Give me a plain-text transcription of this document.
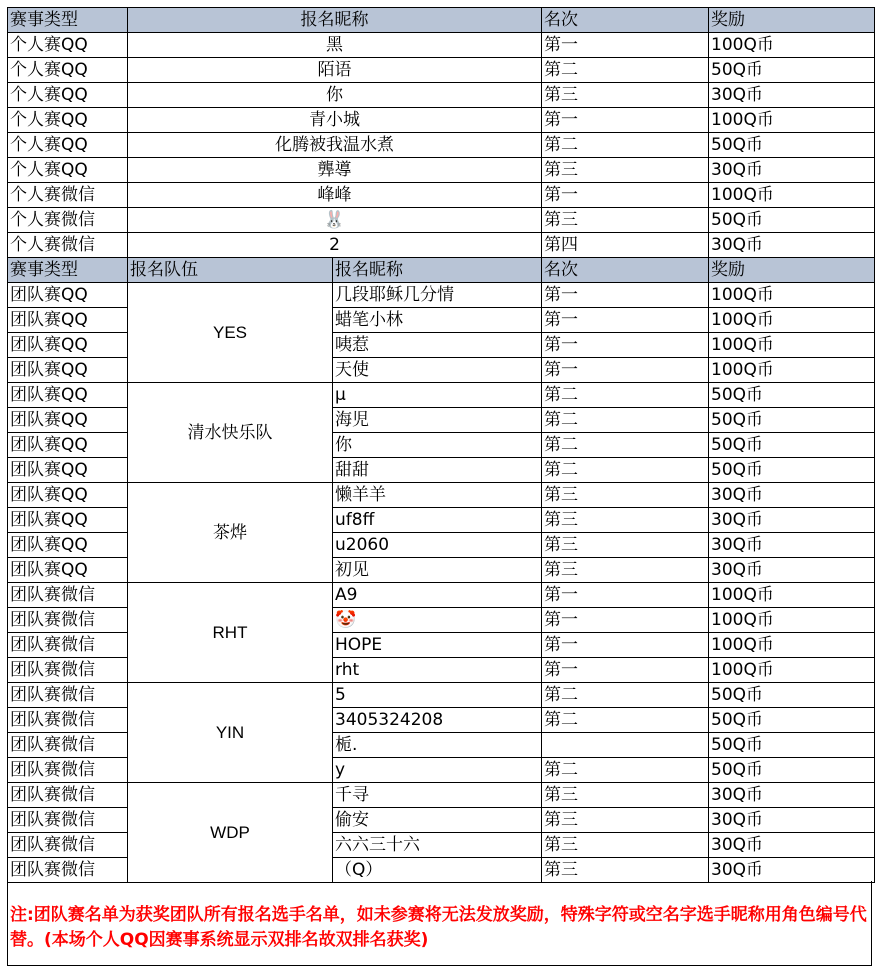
赛事类型	报名昵称		名次	奖励
个人赛QQ	黑		第一	100Q币
个人赛QQ	陌语		第二	50Q币
个人赛QQ	你		第三	30Q币
个人赛QQ	青小城		第一	100Q币
个人赛QQ	化腾被我温水煮		第二	50Q币
个人赛QQ	龏導		第三	30Q币
个人赛微信	峰峰		第一	100Q币
个人赛微信	🐰		第三	50Q币
个人赛微信	2		第四	30Q币
赛事类型	报名队伍	报名昵称	名次	奖励
团队赛QQ	YES	几段耶稣几分情	第一	100Q币
团队赛QQ		蜡笔小林	第一	100Q币
团队赛QQ		咦惹	第一	100Q币
团队赛QQ		天使	第一	100Q币
团队赛QQ	清水快乐队	μ	第二	50Q币
团队赛QQ		海児	第二	50Q币
团队赛QQ		你	第二	50Q币
团队赛QQ		甜甜	第二	50Q币
团队赛QQ	茶烨	懒羊羊	第三	30Q币
团队赛QQ		uf8ff	第三	30Q币
团队赛QQ		u2060	第三	30Q币
团队赛QQ		初见	第三	30Q币
团队赛微信	RHT	A9	第一	100Q币
团队赛微信		🤡	第一	100Q币
团队赛微信		HOPE	第一	100Q币
团队赛微信		rht	第一	100Q币
团队赛微信	YIN	5	第二	50Q币
团队赛微信		3405324208	第二	50Q币
团队赛微信		栀.		50Q币
团队赛微信		y	第二	50Q币
团队赛微信	WDP	千寻	第三	30Q币
团队赛微信		偷安	第三	30Q币
团队赛微信		六六三十六	第三	30Q币
团队赛微信		（Q）	第三	30Q币
注:团队赛名单为获奖团队所有报名选手名单，如未参赛将无法发放奖励，特殊字符或空名字选手昵称用角色编号代替。(本场个人QQ因赛事系统显示双排名故双排名获奖)
